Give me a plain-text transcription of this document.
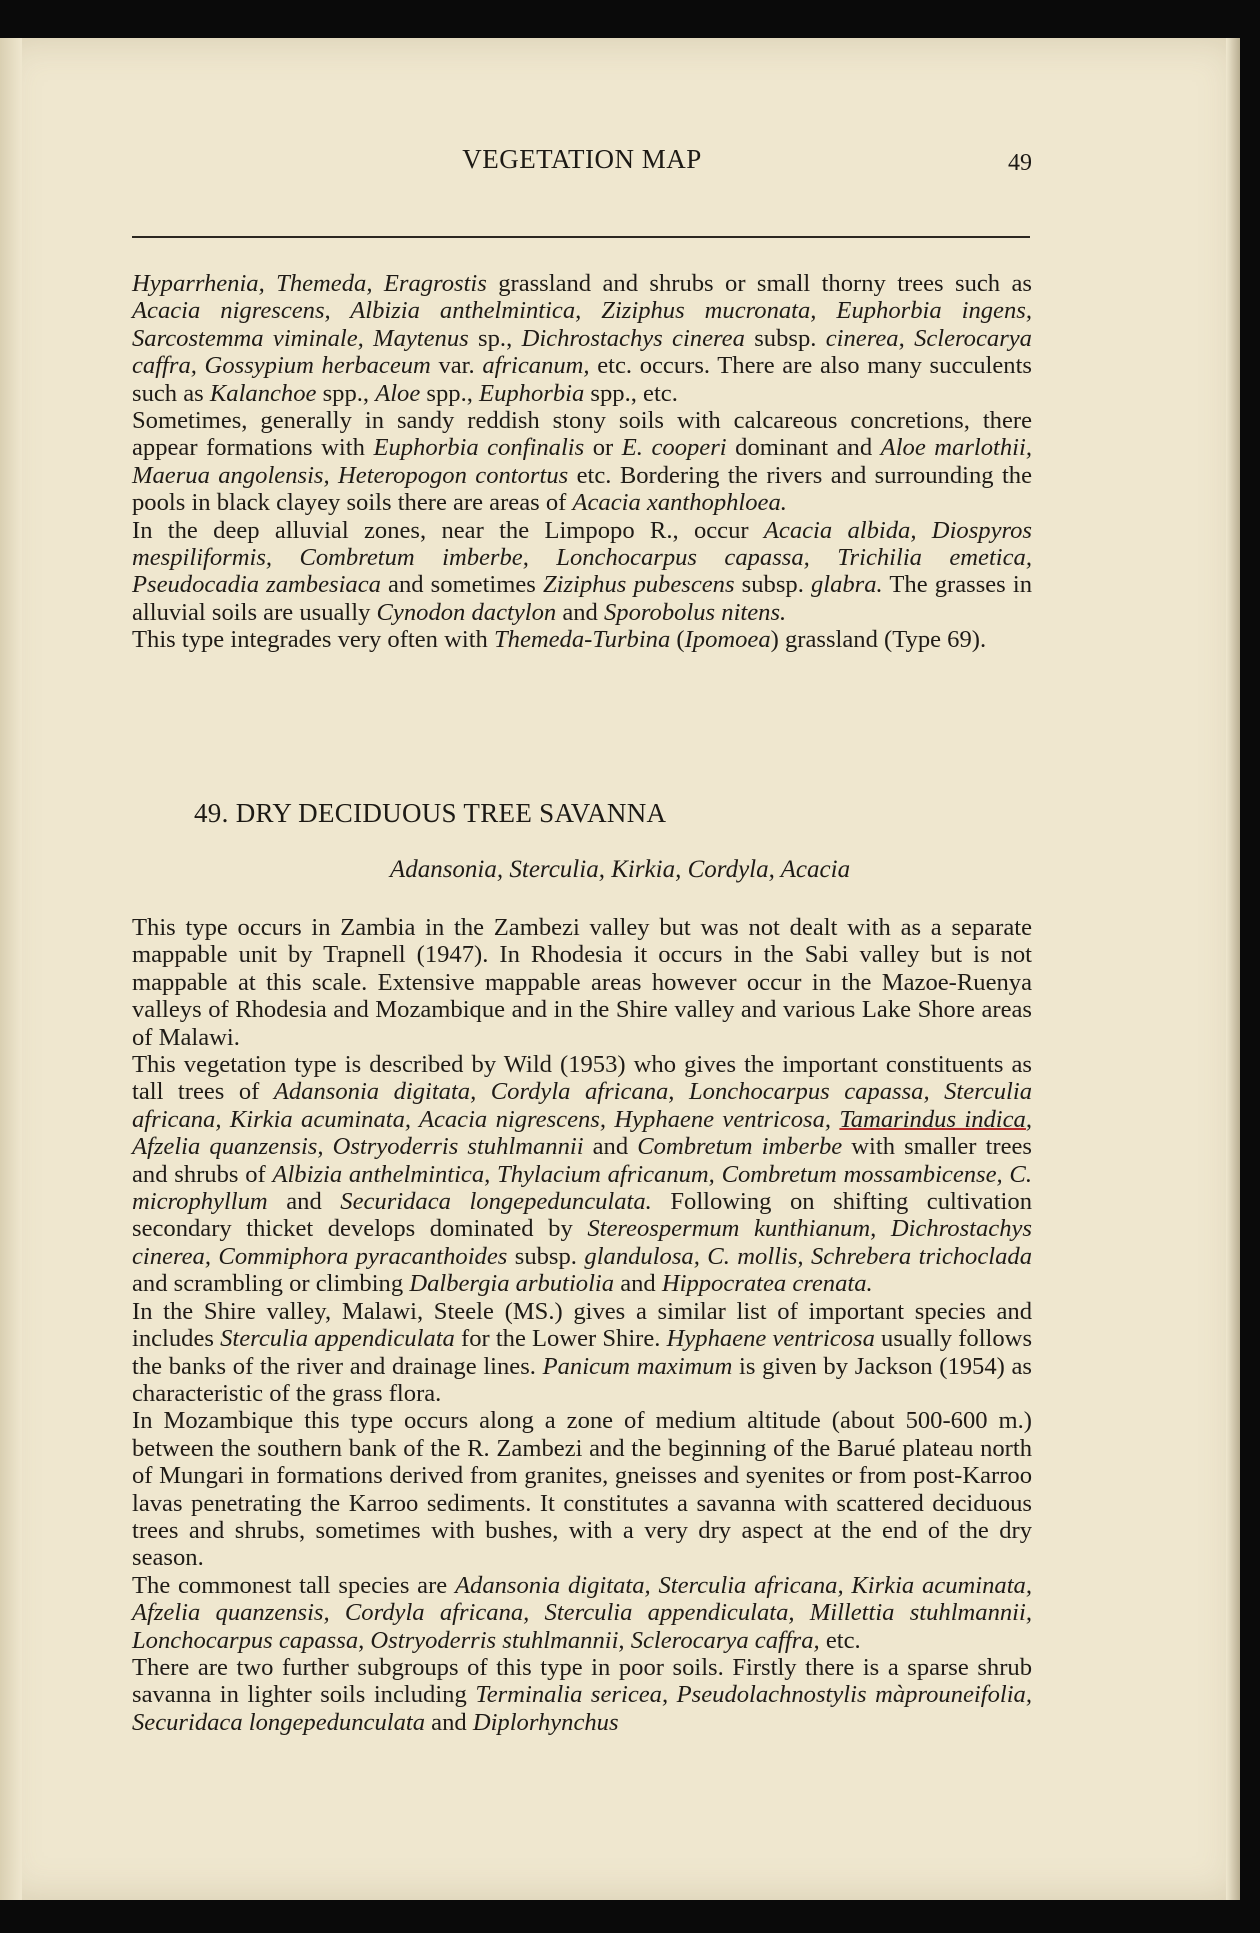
VEGETATION MAP	49

Hyparrhenia, Themeda, Eragrostis grassland and shrubs or small thorny trees such as Acacia nigrescens, Albizia anthelmintica, Ziziphus mucronata, Euphorbia ingens, Sarcostemma viminale, Maytenus sp., Dichrostachys cinerea subsp. cinerea, Sclerocarya caffra, Gossypium herbaceum var. africanum, etc. occurs. There are also many succulents such as Kalanchoe spp., Aloe spp., Euphorbia spp., etc.

Sometimes, generally in sandy reddish stony soils with calcareous concretions, there appear formations with Euphorbia confinalis or E. cooperi dominant and Aloe marlothii, Maerua angolensis, Heteropogon contortus etc. Bordering the rivers and surrounding the pools in black clayey soils there are areas of Acacia xanthophloea.

In the deep alluvial zones, near the Limpopo R., occur Acacia albida, Diospyros mespiliformis, Combretum imberbe, Lonchocarpus capassa, Trichilia emetica, Pseudocadia zambesiaca and sometimes Ziziphus pubescens subsp. glabra. The grasses in alluvial soils are usually Cynodon dactylon and Sporobolus nitens.

This type integrades very often with Themeda-Turbina (Ipomoea) grassland (Type 69).

49. DRY DECIDUOUS TREE SAVANNA
Adansonia, Sterculia, Kirkia, Cordyla, Acacia

This type occurs in Zambia in the Zambezi valley but was not dealt with as a separate mappable unit by Trapnell (1947). In Rhodesia it occurs in the Sabi valley but is not mappable at this scale. Extensive mappable areas however occur in the Mazoe-Ruenya valleys of Rhodesia and Mozambique and in the Shire valley and various Lake Shore areas of Malawi.

This vegetation type is described by Wild (1953) who gives the important constituents as tall trees of Adansonia digitata, Cordyla africana, Lonchocarpus capassa, Sterculia africana, Kirkia acuminata, Acacia nigrescens, Hyphaene ventricosa, Tamarindus indica, Afzelia quanzensis, Ostryoderris stuhlmannii and Combretum imberbe with smaller trees and shrubs of Albizia anthelmintica, Thylacium africanum, Combretum mossambicense, C. microphyllum and Securidaca longepedunculata. Following on shifting cultivation secondary thicket develops dominated by Stereospermum kunthianum, Dichrostachys cinerea, Commiphora pyracanthoides subsp. glandulosa, C. mollis, Schrebera trichoclada and scrambling or climbing Dalbergia arbutiolia and Hippocratea crenata.

In the Shire valley, Malawi, Steele (MS.) gives a similar list of important species and includes Sterculia appendiculata for the Lower Shire. Hyphaene ventricosa usually follows the banks of the river and drainage lines. Panicum maximum is given by Jackson (1954) as characteristic of the grass flora.

In Mozambique this type occurs along a zone of medium altitude (about 500-600 m.) between the southern bank of the R. Zambezi and the beginning of the Barué plateau north of Mungari in formations derived from granites, gneisses and syenites or from post-Karroo lavas penetrating the Karroo sediments. It constitutes a savanna with scattered deciduous trees and shrubs, sometimes with bushes, with a very dry aspect at the end of the dry season.

The commonest tall species are Adansonia digitata, Sterculia africana, Kirkia acuminata, Afzelia quanzensis, Cordyla africana, Sterculia appendiculata, Millettia stuhlmannii, Lonchocarpus capassa, Ostryoderris stuhlmannii, Sclerocarya caffra, etc.

There are two further subgroups of this type in poor soils. Firstly there is a sparse shrub savanna in lighter soils including Terminalia sericea, Pseudolachnostylis màprouneifolia, Securidaca longepedunculata and Diplorhynchus
